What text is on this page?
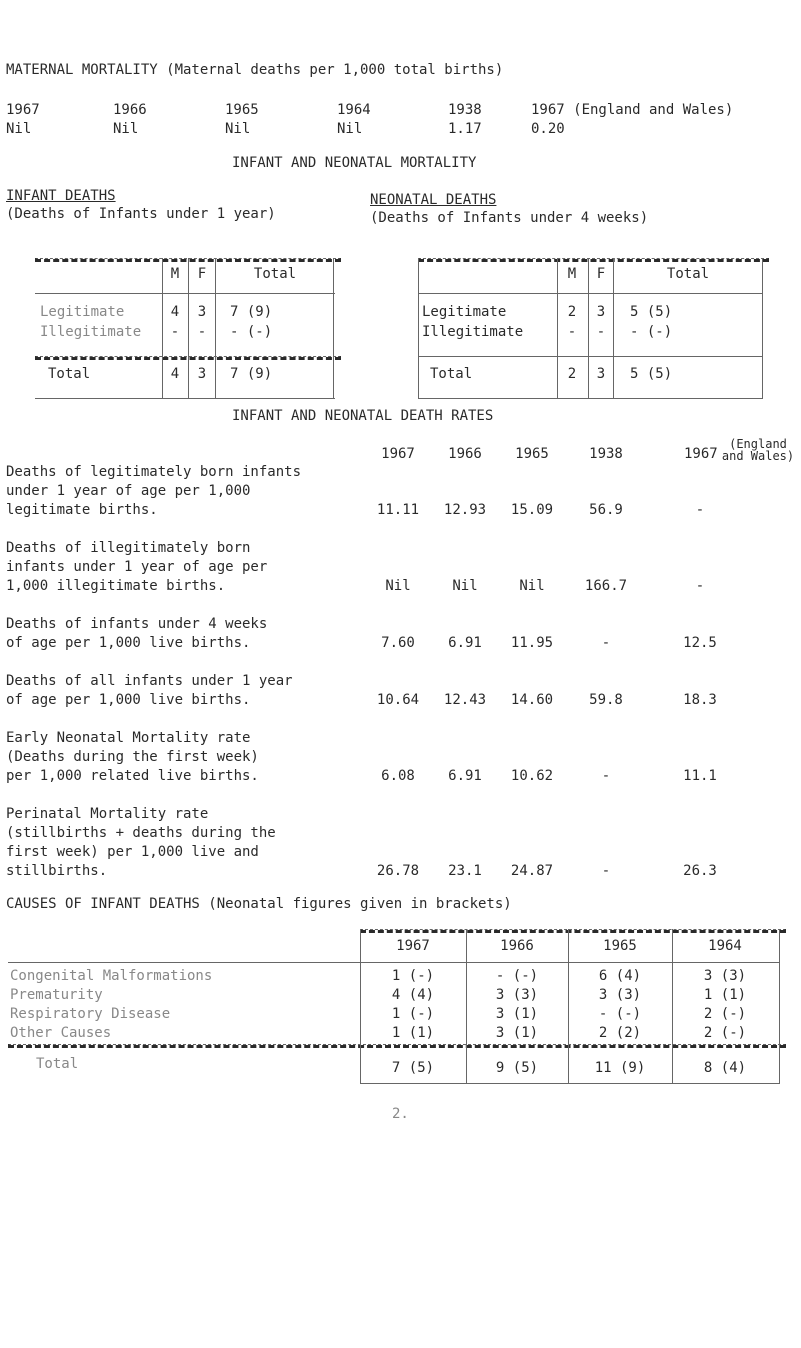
MATERNAL MORTALITY (Maternal deaths per 1,000 total births)
1967	1966	1965	1964	1938	1967 (England and Wales)
Nil	Nil	Nil	Nil	1.17	0.20
INFANT AND NEONATAL MORTALITY
INFANT DEATHS
(Deaths of Infants under 1 year)
M F	Total
Legitimate	4 3 7 (9)
Illegitimate - - - (-)
Total	4 3 7 (9)
NEONATAL DEATHS
(Deaths of Infants under 4 weeks)
M F	Total
Legitimate	2 3 5 (5)
Illegitimate	- - - (-)
Total	2 3 5 (5)
INFANT AND NEONATAL DEATH RATES
1967 1966 1965	1938	1967
(England and Wales)
Deaths of legitimately born infants
under 1 year of age per 1,000
legitimate births.	11.11 12.93 15.09	56.9	-
Deaths of illegitimately born
infants under 1 year of age per
1,000 illegitimate births.	Nil	Nil	Nil	166.7	-
Deaths of infants under 4 weeks
of age per 1,000 live births.	7.60 6.91 11.95	-	12.5
Deaths of all infants under 1 year
of age per 1,000 live births.	10.64 12.43 14.60	59.8	18.3
Early Neonatal Mortality rate
(Deaths during the first week)
per 1,000 related live births.	6.08 6.91 10.62	-	11.1
Perinatal Mortality rate
(stillbirths + deaths during the
first week) per 1,000 live and
stillbirths.	26.78 23.1 24.87	-	26.3
CAUSES OF INFANT DEATHS (Neonatal figures given in brackets)
1967	1966	1965	1964
Congenital Malformations	1 (-)	- (-)	6 (4)	3 (3)
Prematurity	4 (4)	3 (3)	3 (3)	1 (1)
Respiratory Disease	1 (-)	3 (1)	- (-)	2 (-)
Other Causes	1 (1)	3 (1)	2 (2)	2 (-)
Total	7 (5)	9 (5)	11 (9)	8 (4)
2.
